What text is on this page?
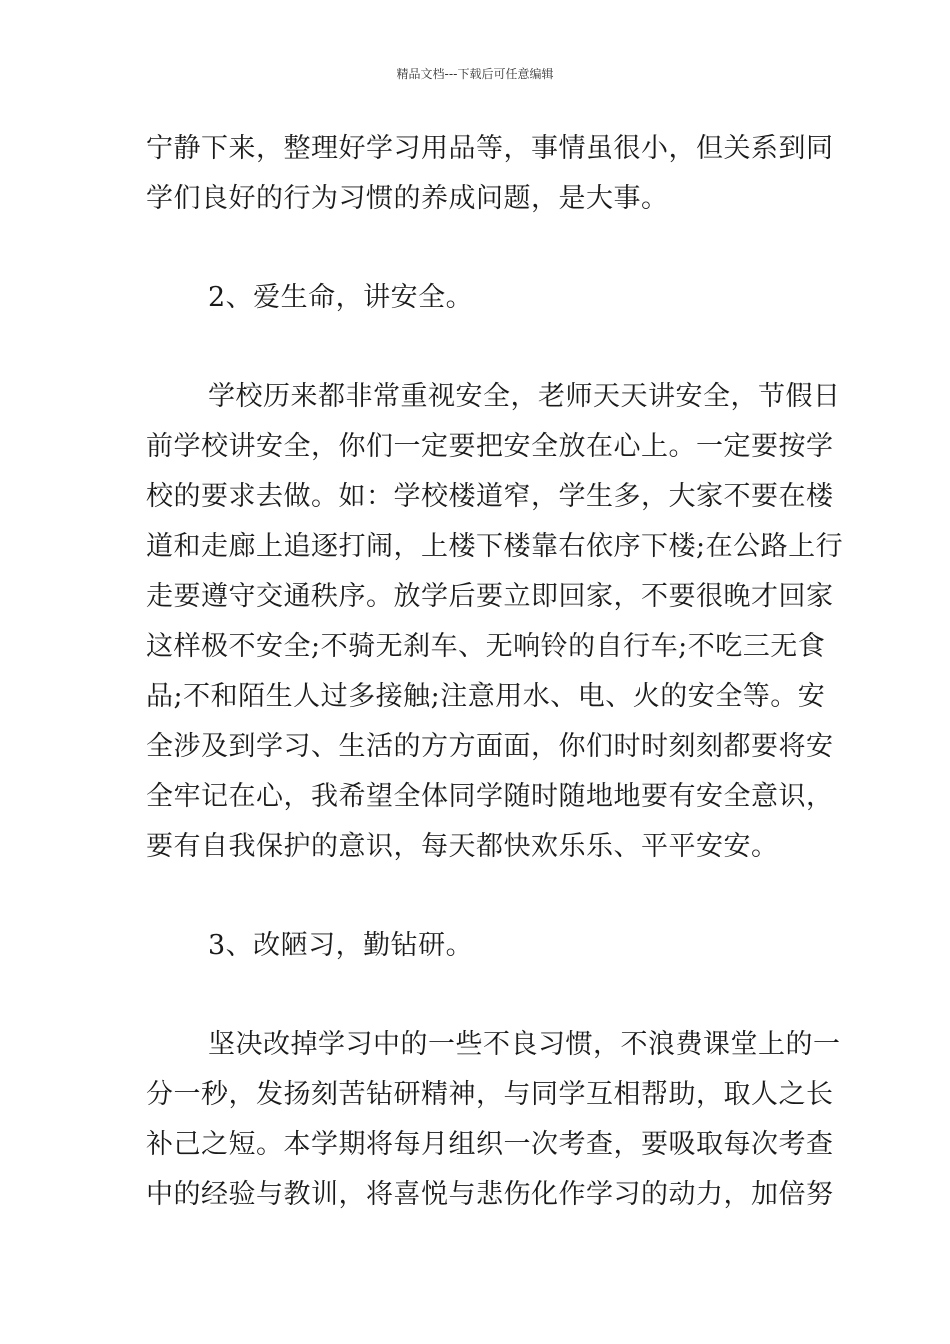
精品文档---下载后可任意编辑
宁静下来，整理好学习用品等，事情虽很小，但关系到同
学们良好的行为习惯的养成问题，是大事。
2、爱生命，讲安全。
学校历来都非常重视安全，老师天天讲安全，节假日
前学校讲安全，你们一定要把安全放在心上。一定要按学
校的要求去做。如：学校楼道窄，学生多，大家不要在楼
道和走廊上追逐打闹，上楼下楼靠右依序下楼;在公路上行
走要遵守交通秩序。放学后要立即回家，不要很晚才回家
这样极不安全;不骑无刹车、无响铃的自行车;不吃三无食
品;不和陌生人过多接触;注意用水、电、火的安全等。安
全涉及到学习、生活的方方面面，你们时时刻刻都要将安
全牢记在心，我希望全体同学随时随地地要有安全意识，
要有自我保护的意识，每天都快欢乐乐、平平安安。
3、改陋习，勤钻研。
坚决改掉学习中的一些不良习惯，不浪费课堂上的一
分一秒，发扬刻苦钻研精神，与同学互相帮助，取人之长
补己之短。本学期将每月组织一次考查，要吸取每次考查
中的经验与教训，将喜悦与悲伤化作学习的动力，加倍努
